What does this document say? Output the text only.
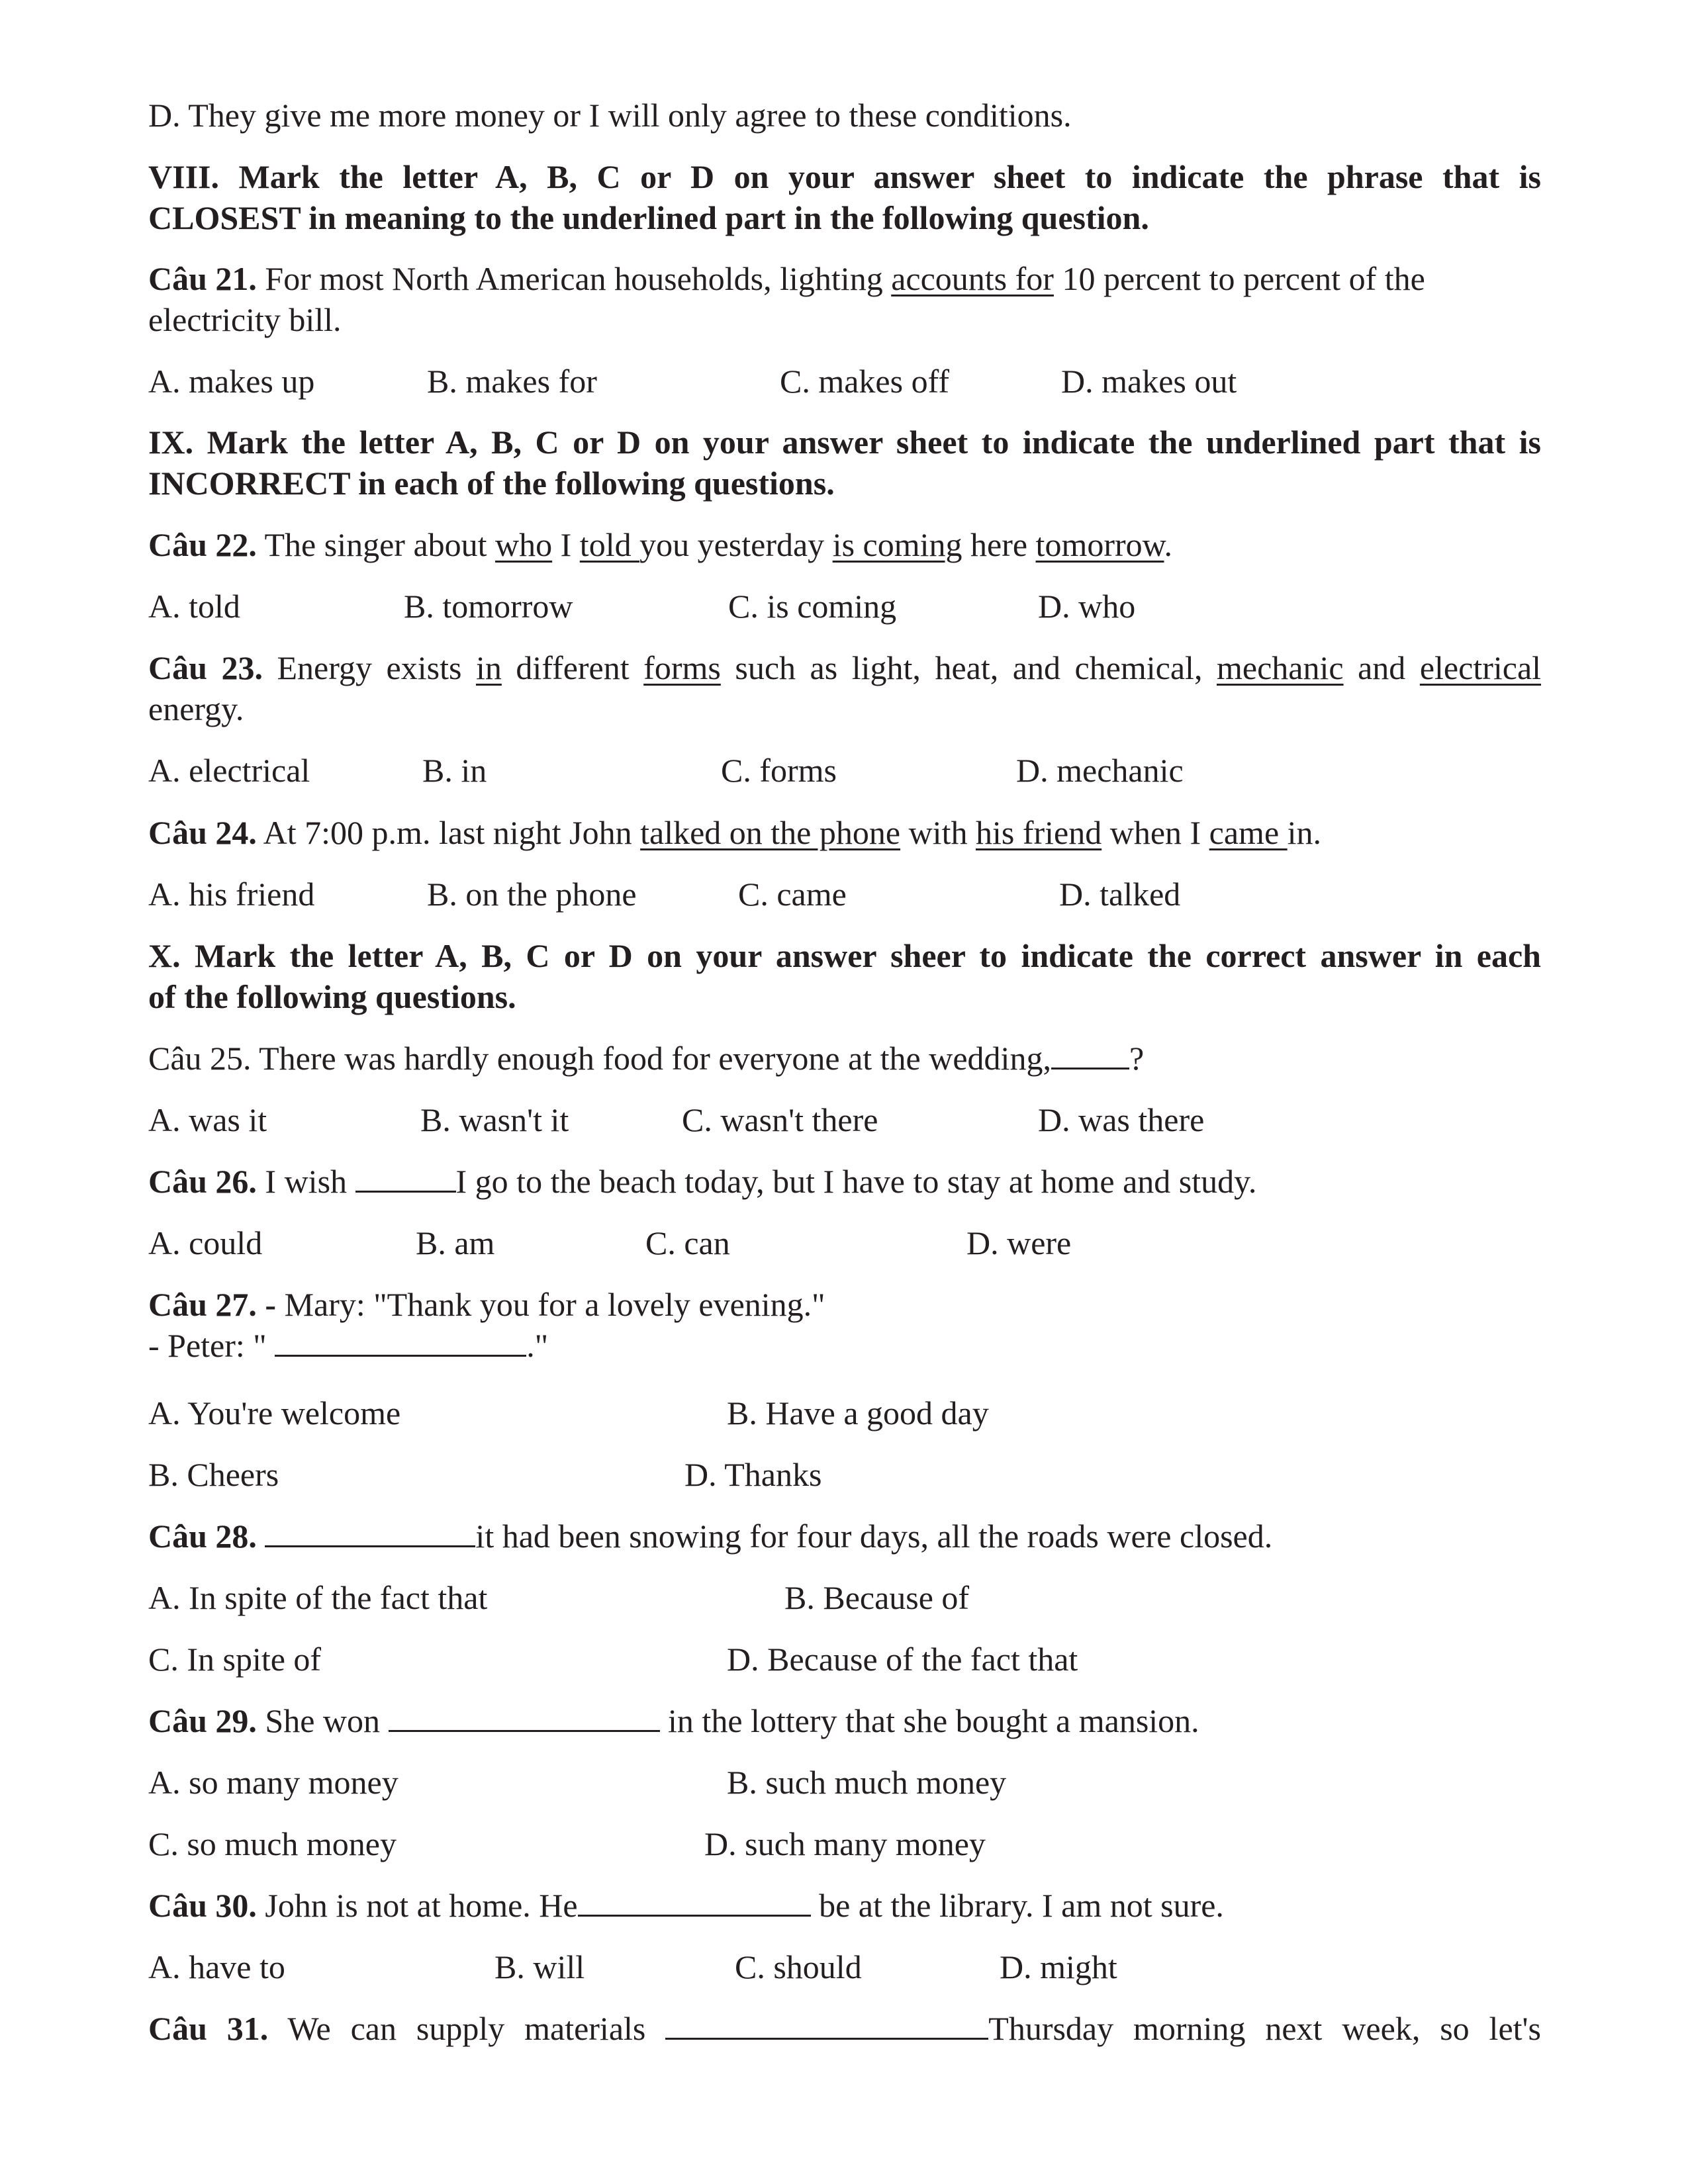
D. They give me more money or I will only agree to these conditions.
VIII. Mark the letter A, B, C or D on your answer sheet to indicate the phrase that is
CLOSEST in meaning to the underlined part in the following question.
Câu 21. For most North American households, lighting accounts for 10 percent to percent of the
electricity bill.
A. makes up	B. makes for	C. makes off	D. makes out
IX. Mark the letter A, B, C or D on your answer sheet to indicate the underlined part that is
INCORRECT in each of the following questions.
Câu 22. The singer about who I told you yesterday is coming here tomorrow.
A. told	B. tomorrow	C. is coming	D. who
Câu 23. Energy exists in different forms such as light, heat, and chemical, mechanic and electrical
energy.
A. electrical	B. in	C. forms	D. mechanic
Câu 24. At 7:00 p.m. last night John talked on the phone with his friend when I came in.
A. his friend	B. on the phone	C. came	D. talked
X. Mark the letter A, B, C or D on your answer sheer to indicate the correct answer in each
of the following questions.
Câu 25. There was hardly enough food for everyone at the wedding, ?
A. was it	B. wasn't it	C. wasn't there	D. was there
Câu 26. I wish	I go to the beach today, but I have to stay at home and study.
A. could	B. am	C. can	D. were
Câu 27. - Mary: "Thank you for a lovely evening."
- Peter: "	."
A. You're welcome	B. Have a good day
B. Cheers	D. Thanks
Câu 28.	it had been snowing for four days, all the roads were closed.
A. In spite of the fact that	B. Because of
C. In spite of	D. Because of the fact that
Câu 29. She won	in the lottery that she bought a mansion.
A. so many money	B. such much money
C. so much money	D. such many money
Câu 30. John is not at home. He	be at the library. I am not sure.
A. have to	B. will	C. should	D. might
Câu 31. We can supply materials	Thursday morning next week, so let's
